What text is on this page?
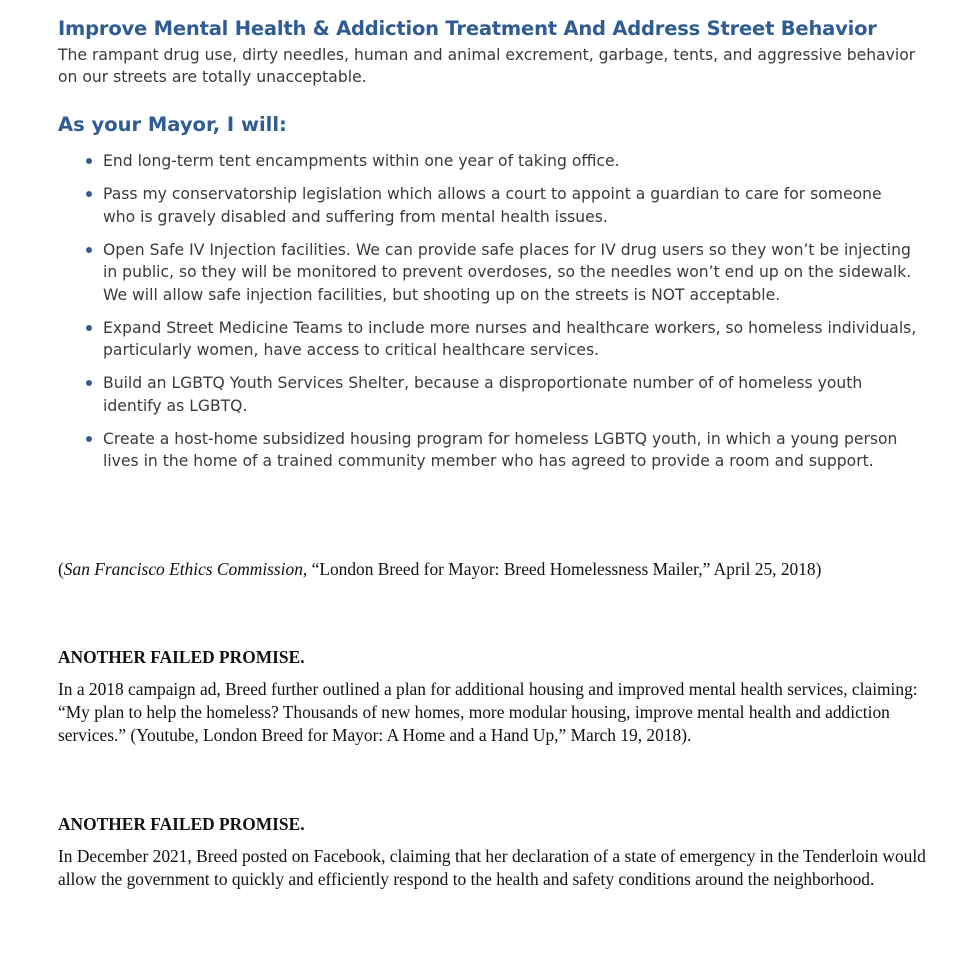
Improve Mental Health & Addiction Treatment And Address Street Behavior

The rampant drug use, dirty needles, human and animal excrement, garbage, tents, and aggressive behavior on our streets are totally unacceptable.

As your Mayor, I will:
End long-term tent encampments within one year of taking office.
Pass my conservatorship legislation which allows a court to appoint a guardian to care for someone who is gravely disabled and suffering from mental health issues.
Open Safe IV Injection facilities. We can provide safe places for IV drug users so they won’t be injecting in public, so they will be monitored to prevent overdoses, so the needles won’t end up on the sidewalk. We will allow safe injection facilities, but shooting up on the streets is NOT acceptable.
Expand Street Medicine Teams to include more nurses and healthcare workers, so homeless individuals, particularly women, have access to critical healthcare services.
Build an LGBTQ Youth Services Shelter, because a disproportionate number of of homeless youth identify as LGBTQ.
Create a host-home subsidized housing program for homeless LGBTQ youth, in which a young person lives in the home of a trained community member who has agreed to provide a room and support.
(San Francisco Ethics Commission, “London Breed for Mayor: Breed Homelessness Mailer,” April 25, 2018)
ANOTHER FAILED PROMISE.

In a 2018 campaign ad, Breed further outlined a plan for additional housing and improved mental health services, claiming: “My plan to help the homeless? Thousands of new homes, more modular housing, improve mental health and addiction services.” (Youtube, London Breed for Mayor: A Home and a Hand Up,” March 19, 2018).

ANOTHER FAILED PROMISE.

In December 2021, Breed posted on Facebook, claiming that her declaration of a state of emergency in the Tenderloin would allow the government to quickly and efficiently respond to the health and safety conditions around the neighborhood.
